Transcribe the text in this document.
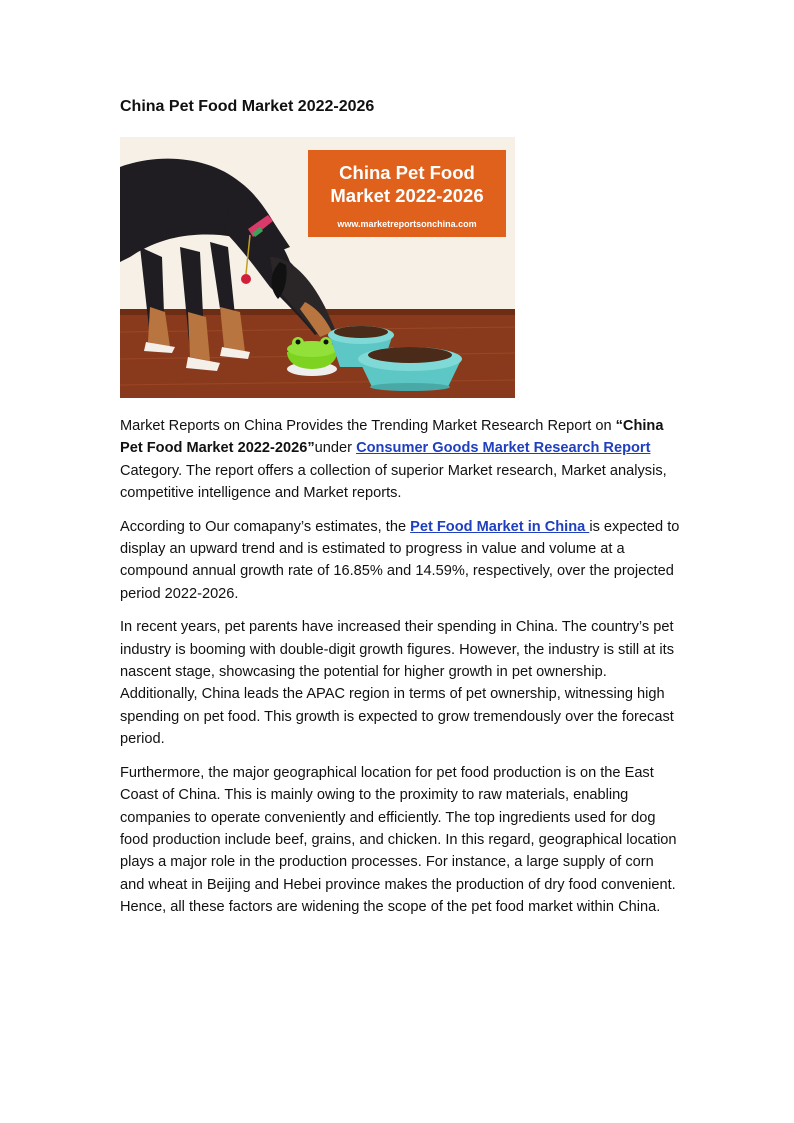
China Pet Food Market 2022-2026
China Pet Food
Market 2022-2026
www.marketreportsonchina.com

Market Reports on China Provides the Trending Market Research Report on “China Pet Food Market 2022-2026”under Consumer Goods Market Research Report Category. The report offers a collection of superior Market research, Market analysis, competitive intelligence and Market reports.

According to Our comapany’s estimates, the Pet Food Market in China is expected to display an upward trend and is estimated to progress in value and volume at a compound annual growth rate of 16.85% and 14.59%, respectively, over the projected period 2022-2026.

In recent years, pet parents have increased their spending in China. The country’s pet industry is booming with double-digit growth figures. However, the industry is still at its nascent stage, showcasing the potential for higher growth in pet ownership. Additionally, China leads the APAC region in terms of pet ownership, witnessing high spending on pet food. This growth is expected to grow tremendously over the forecast period.

Furthermore, the major geographical location for pet food production is on the East Coast of China. This is mainly owing to the proximity to raw materials, enabling companies to operate conveniently and efficiently. The top ingredients used for dog food production include beef, grains, and chicken. In this regard, geographical location plays a major role in the production processes. For instance, a large supply of corn and wheat in Beijing and Hebei province makes the production of dry food convenient. Hence, all these factors are widening the scope of the pet food market within China.
